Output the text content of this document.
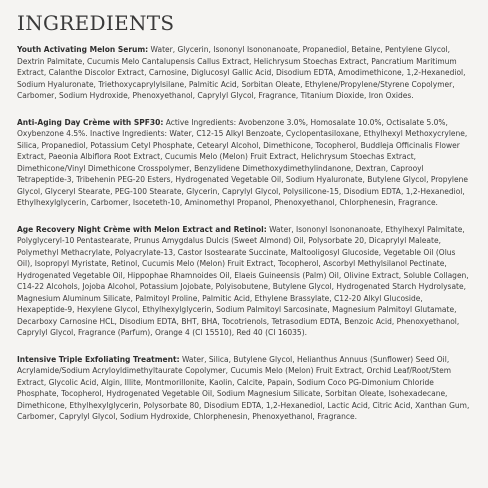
INGREDIENTS

Youth Activating Melon Serum: Water, Glycerin, Isononyl Isononanoate, Propanediol, Betaine, Pentylene Glycol, Dextrin Palmitate, Cucumis Melo Cantalupensis Callus Extract, Helichrysum Stoechas Extract, Pancratium Maritimum Extract, Calanthe Discolor Extract, Carnosine, Diglucosyl Gallic Acid, Disodium EDTA, Amodimethicone, 1,2-Hexanediol, Sodium Hyaluronate, Triethoxycaprylylsilane, Palmitic Acid, Sorbitan Oleate, Ethylene/Propylene/Styrene Copolymer, Carbomer, Sodium Hydroxide, Phenoxyethanol, Caprylyl Glycol, Fragrance, Titanium Dioxide, Iron Oxides.

Anti-Aging Day Crème with SPF30: Active Ingredients: Avobenzone 3.0%, Homosalate 10.0%, Octisalate 5.0%, Oxybenzone 4.5%. Inactive Ingredients: Water, C12-15 Alkyl Benzoate, Cyclopentasiloxane, Ethylhexyl Methoxycrylene, Silica, Propanediol, Potassium Cetyl Phosphate, Cetearyl Alcohol, Dimethicone, Tocopherol, Buddleja Officinalis Flower Extract, Paeonia Albiflora Root Extract, Cucumis Melo (Melon) Fruit Extract, Helichrysum Stoechas Extract, Dimethicone/Vinyl Dimethicone Crosspolymer, Benzylidene Dimethoxydimethylindanone, Dextran, Caprooyl Tetrapeptide-3, Tribehenin PEG-20 Esters, Hydrogenated Vegetable Oil, Sodium Hyaluronate, Butylene Glycol, Propylene Glycol, Glyceryl Stearate, PEG-100 Stearate, Glycerin, Caprylyl Glycol, Polysilicone-15, Disodium EDTA, 1,2-Hexanediol, Ethylhexylglycerin, Carbomer, Isoceteth-10, Aminomethyl Propanol, Phenoxyethanol, Chlorphenesin, Fragrance.

Age Recovery Night Crème with Melon Extract and Retinol: Water, Isononyl Isononanoate, Ethylhexyl Palmitate, Polyglyceryl-10 Pentastearate, Prunus Amygdalus Dulcis (Sweet Almond) Oil, Polysorbate 20, Dicaprylyl Maleate, Polymethyl Methacrylate, Polyacrylate-13, Castor Isostearate Succinate, Maltooligosyl Glucoside, Vegetable Oil (Olus Oil), Isopropyl Myristate, Retinol, Cucumis Melo (Melon) Fruit Extract, Tocopherol, Ascorbyl Methylsilanol Pectinate, Hydrogenated Vegetable Oil, Hippophae Rhamnoides Oil, Elaeis Guineensis (Palm) Oil, Olivine Extract, Soluble Collagen, C14-22 Alcohols, Jojoba Alcohol, Potassium Jojobate, Polyisobutene, Butylene Glycol, Hydrogenated Starch Hydrolysate, Magnesium Aluminum Silicate, Palmitoyl Proline, Palmitic Acid, Ethylene Brassylate, C12-20 Alkyl Glucoside, Hexapeptide-9, Hexylene Glycol, Ethylhexylglycerin, Sodium Palmitoyl Sarcosinate, Magnesium Palmitoyl Glutamate, Decarboxy Carnosine HCL, Disodium EDTA, BHT, BHA, Tocotrienols, Tetrasodium EDTA, Benzoic Acid, Phenoxyethanol, Caprylyl Glycol, Fragrance (Parfum), Orange 4 (CI 15510), Red 40 (CI 16035).

Intensive Triple Exfoliating Treatment: Water, Silica, Butylene Glycol, Helianthus Annuus (Sunflower) Seed Oil, Acrylamide/Sodium Acryloyldimethyltaurate Copolymer, Cucumis Melo (Melon) Fruit Extract, Orchid Leaf/Root/Stem Extract, Glycolic Acid, Algin, Illite, Montmorillonite, Kaolin, Calcite, Papain, Sodium Coco PG-Dimonium Chloride Phosphate, Tocopherol, Hydrogenated Vegetable Oil, Sodium Magnesium Silicate, Sorbitan Oleate, Isohexadecane, Dimethicone, Ethylhexylglycerin, Polysorbate 80, Disodium EDTA, 1,2-Hexanediol, Lactic Acid, Citric Acid, Xanthan Gum, Carbomer, Caprylyl Glycol, Sodium Hydroxide, Chlorphenesin, Phenoxyethanol, Fragrance.
